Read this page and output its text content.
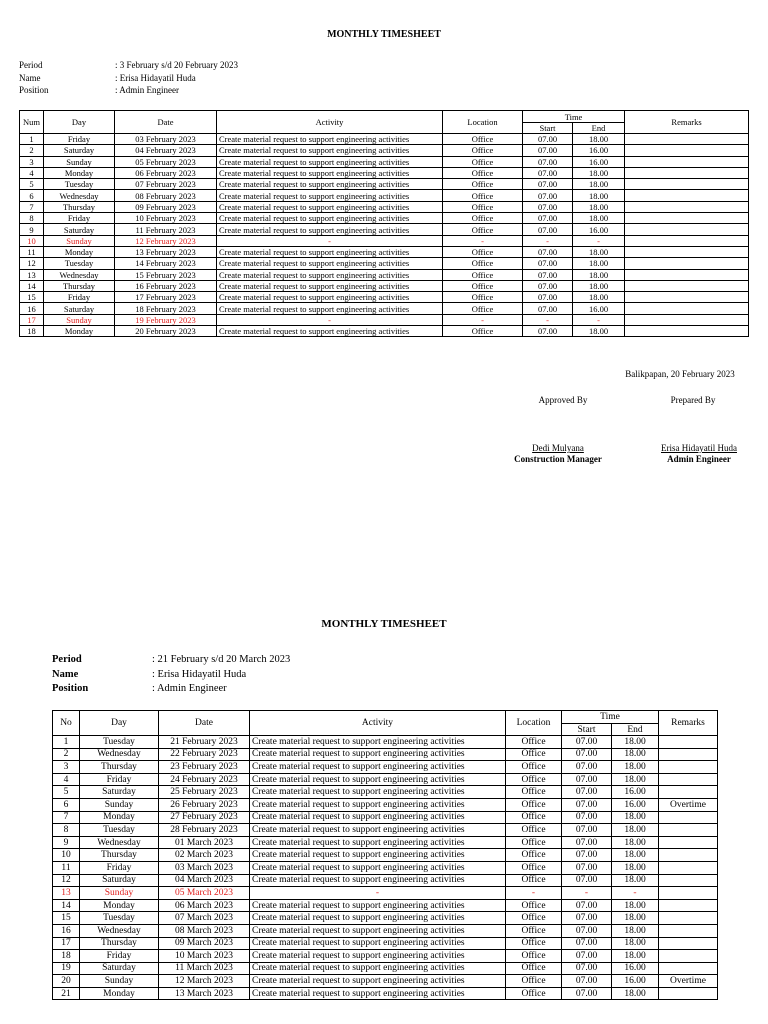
MONTHLY TIMESHEET
Period	: 3 February s/d 20 February 2023
Name	: Erisa Hidayatil Huda
Position	: Admin Engineer
Num	Day	Date	Activity	Location	Time		Remarks
					Start	End	
1	Friday	03 February 2023	Create material request to support engineering activities	Office	07.00	18.00	
2	Saturday	04 February 2023	Create material request to support engineering activities	Office	07.00	16.00	
3	Sunday	05 February 2023	Create material request to support engineering activities	Office	07.00	16.00	
4	Monday	06 February 2023	Create material request to support engineering activities	Office	07.00	18.00	
5	Tuesday	07 February 2023	Create material request to support engineering activities	Office	07.00	18.00	
6	Wednesday	08 February 2023	Create material request to support engineering activities	Office	07.00	18.00	
7	Thursday	09 February 2023	Create material request to support engineering activities	Office	07.00	18.00	
8	Friday	10 February 2023	Create material request to support engineering activities	Office	07.00	18.00	
9	Saturday	11 February 2023	Create material request to support engineering activities	Office	07.00	16.00	
10	Sunday	12 February 2023	-	-	-	-	
11	Monday	13 February 2023	Create material request to support engineering activities	Office	07.00	18.00	
12	Tuesday	14 February 2023	Create material request to support engineering activities	Office	07.00	18.00	
13	Wednesday	15 February 2023	Create material request to support engineering activities	Office	07.00	18.00	
14	Thursday	16 February 2023	Create material request to support engineering activities	Office	07.00	18.00	
15	Friday	17 February 2023	Create material request to support engineering activities	Office	07.00	18.00	
16	Saturday	18 February 2023	Create material request to support engineering activities	Office	07.00	16.00	
17	Sunday	19 February 2023	-	-	-	-	
18	Monday	20 February 2023	Create material request to support engineering activities	Office	07.00	18.00	
Balikpapan, 20 February 2023
Approved By	Prepared By
Dedi Mulyana
Construction Manager
Erisa Hidayatil Huda
Admin Engineer
MONTHLY TIMESHEET
Period	: 21 February s/d 20 March 2023
Name	: Erisa Hidayatil Huda
Position	: Admin Engineer
No	Day	Date	Activity	Location	Time		Remarks
					Start	End	
1	Tuesday	21 February 2023	Create material request to support engineering activities	Office	07.00	18.00	
2	Wednesday	22 February 2023	Create material request to support engineering activities	Office	07.00	18.00	
3	Thursday	23 February 2023	Create material request to support engineering activities	Office	07.00	18.00	
4	Friday	24 February 2023	Create material request to support engineering activities	Office	07.00	18.00	
5	Saturday	25 February 2023	Create material request to support engineering activities	Office	07.00	16.00	
6	Sunday	26 February 2023	Create material request to support engineering activities	Office	07.00	16.00	Overtime
7	Monday	27 February 2023	Create material request to support engineering activities	Office	07.00	18.00	
8	Tuesday	28 February 2023	Create material request to support engineering activities	Office	07.00	18.00	
9	Wednesday	01 March 2023	Create material request to support engineering activities	Office	07.00	18.00	
10	Thursday	02 March 2023	Create material request to support engineering activities	Office	07.00	18.00	
11	Friday	03 March 2023	Create material request to support engineering activities	Office	07.00	18.00	
12	Saturday	04 March 2023	Create material request to support engineering activities	Office	07.00	18.00	
13	Sunday	05 March 2023	-	-	-	-	
14	Monday	06 March 2023	Create material request to support engineering activities	Office	07.00	18.00	
15	Tuesday	07 March 2023	Create material request to support engineering activities	Office	07.00	18.00	
16	Wednesday	08 March 2023	Create material request to support engineering activities	Office	07.00	18.00	
17	Thursday	09 March 2023	Create material request to support engineering activities	Office	07.00	18.00	
18	Friday	10 March 2023	Create material request to support engineering activities	Office	07.00	18.00	
19	Saturday	11 March 2023	Create material request to support engineering activities	Office	07.00	16.00	
20	Sunday	12 March 2023	Create material request to support engineering activities	Office	07.00	16.00	Overtime
21	Monday	13 March 2023	Create material request to support engineering activities	Office	07.00	18.00	
